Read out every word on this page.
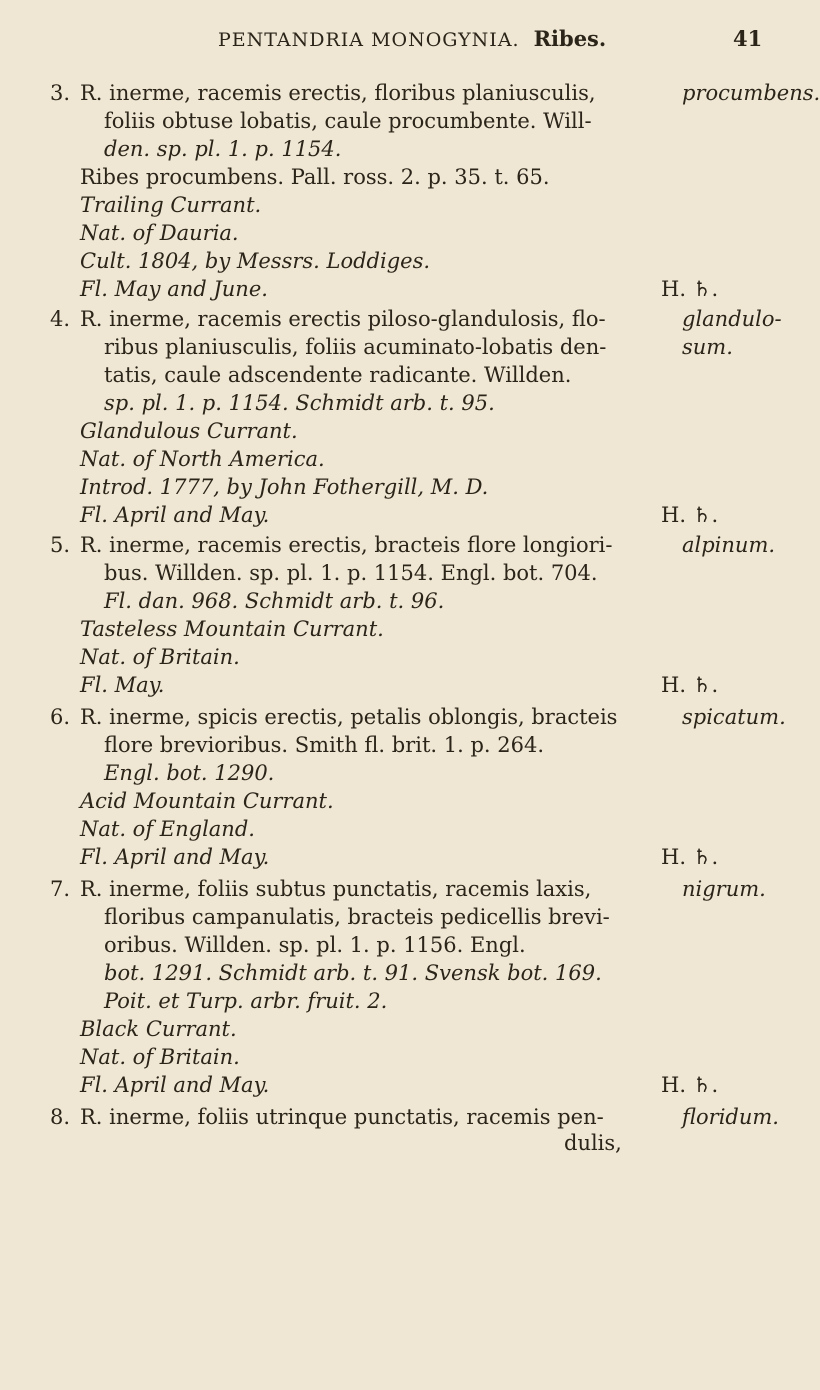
PENTANDRIA MONOGYNIA. Ribes.	41
3. R. inerme, racemis erectis, floribus planiusculis,	procumbens.
foliis obtuse lobatis, caule procumbente. Will-
den. sp. pl. 1. p. 1154.
Ribes procumbens. Pall. ross. 2. p. 35. t. 65.
Trailing Currant.
Nat. of Dauria.
Cult. 1804, by Messrs. Loddiges.
Fl. May and June.	H. ♄.
4. R. inerme, racemis erectis piloso-glandulosis, flo-	glandulo-
sum.
ribus planiusculis, foliis acuminato-lobatis den-
tatis, caule adscendente radicante. Willden.
sp. pl. 1. p. 1154. Schmidt arb. t. 95.
Glandulous Currant.
Nat. of North America.
Introd. 1777, by John Fothergill, M. D.
Fl. April and May.	H. ♄.
5. R. inerme, racemis erectis, bracteis flore longiori-	alpinum.
bus. Willden. sp. pl. 1. p. 1154. Engl. bot. 704.
Fl. dan. 968. Schmidt arb. t. 96.
Tasteless Mountain Currant.
Nat. of Britain.
Fl. May.	H. ♄.
6. R. inerme, spicis erectis, petalis oblongis, bracteis	spicatum.
flore brevioribus. Smith fl. brit. 1. p. 264.
Engl. bot. 1290.
Acid Mountain Currant.
Nat. of England.
Fl. April and May.	H. ♄.
7. R. inerme, foliis subtus punctatis, racemis laxis,	nigrum.
floribus campanulatis, bracteis pedicellis brevi-
oribus. Willden. sp. pl. 1. p. 1156. Engl.
bot. 1291. Schmidt arb. t. 91. Svensk bot. 169.
Poit. et Turp. arbr. fruit. 2.
Black Currant.
Nat. of Britain.
Fl. April and May.	H. ♄.
8. R. inerme, foliis utrinque punctatis, racemis pen-	floridum.
dulis,
